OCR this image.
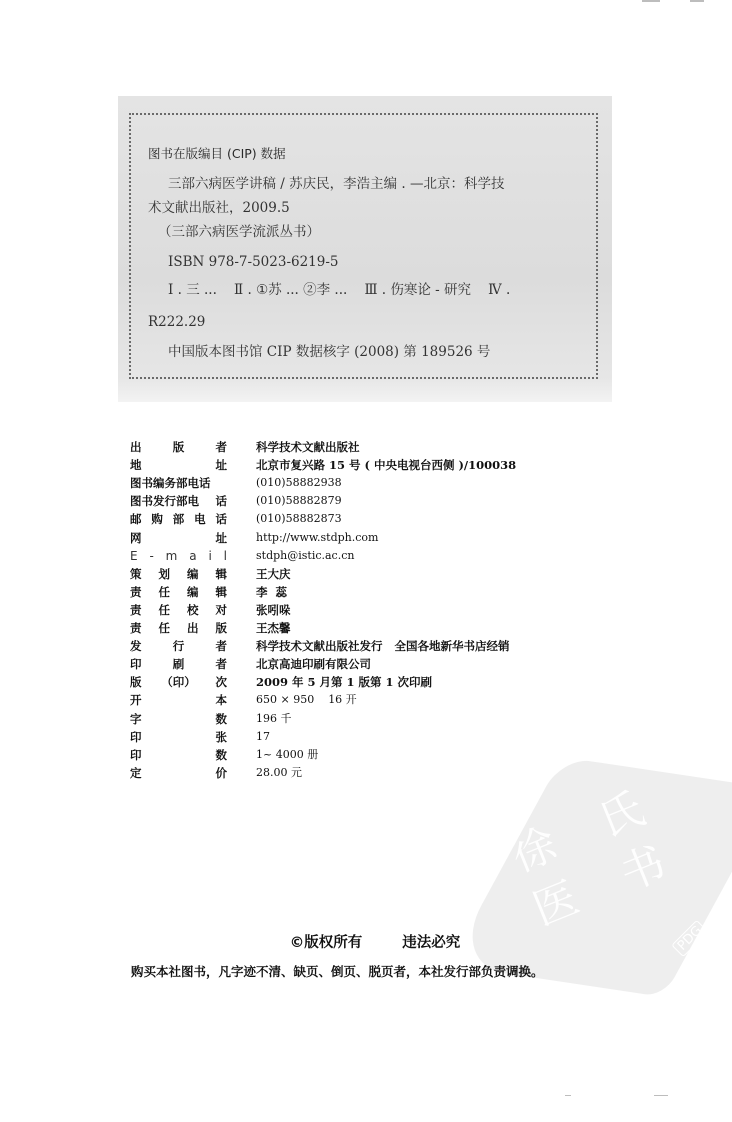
图书在版编目 (CIP) 数据
三部六病医学讲稿 / 苏庆民，李浩主编 . —北京：科学技
术文献出版社，2009.5
（三部六病医学流派丛书）
ISBN 978-7-5023-6219-5
Ⅰ . 三 ...    Ⅱ . ①苏 ... ②李 ...    Ⅲ . 伤寒论 - 研究    Ⅳ .
R222.29
中国版本图书馆 CIP 数据核字 (2008) 第 189526 号
徐 氏 医 书
PDG
出	版	者	科学技术文献出版社
地	址	北京市复兴路 15 号 ( 中央电视台西侧 )/100038
图书编务部电话	(010)58882938
图书发行部电 话	(010)58882879
邮 购 部 电 话	(010)58882873
网	址	http://www.stdph.com
E - m a i l	stdph@istic.ac.cn
策 划 编 辑	王大庆
责 任 编 辑	李  蕊
责 任 校 对	张吲哚
责 任 出 版	王杰馨
发	行	者	科学技术文献出版社发行   全国各地新华书店经销
印	刷	者	北京高迪印刷有限公司
版 （印） 次	2009 年 5 月第 1 版第 1 次印刷
开	本	650 × 950    16 开
字	数	196 千
印	张	17
印	数	1~ 4000 册
定	价	28.00 元
©版权所有	违法必究
购买本社图书，凡字迹不清、缺页、倒页、脱页者，本社发行部负责调换。
